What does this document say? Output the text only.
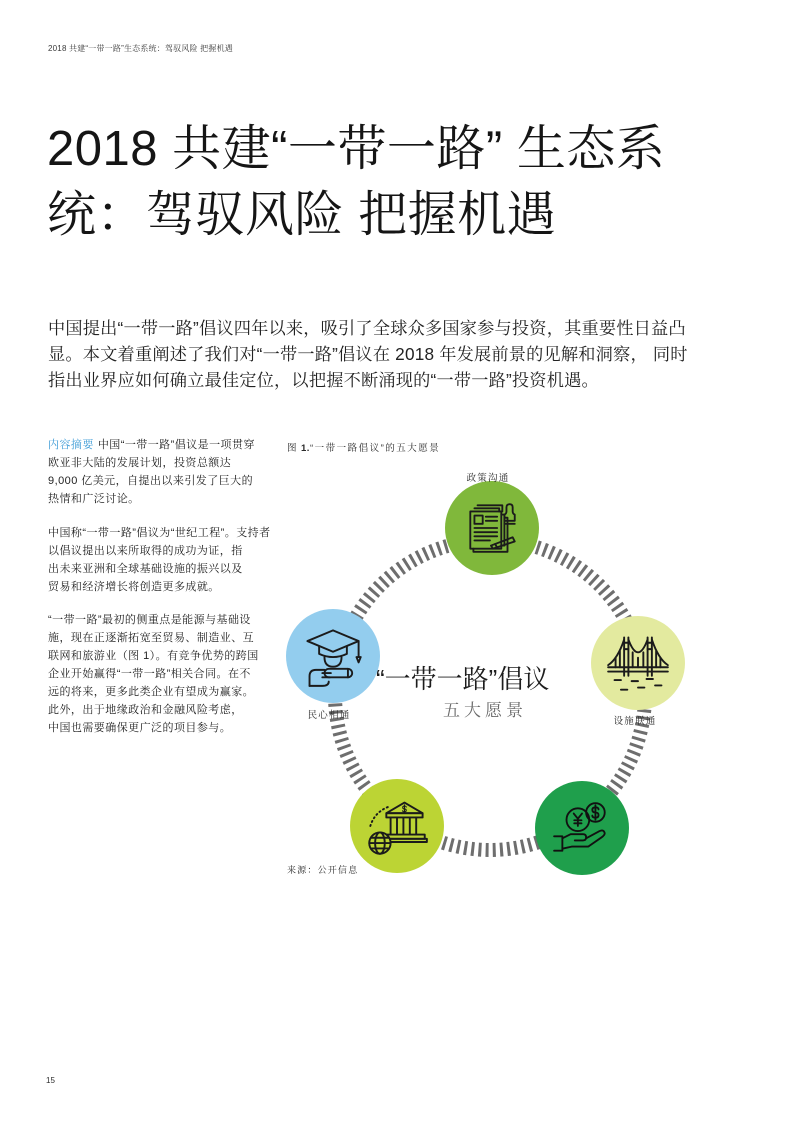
2018 共建“一带一路”生态系统：驾驭风险 把握机遇
2018 共建“一带一路” 生态系
统：驾驭风险 把握机遇
中国提出“一带一路”倡议四年以来，吸引了全球众多国家参与投资，其重要性日益凸
显。本文着重阐述了我们对“一带一路”倡议在 2018 年发展前景的见解和洞察， 同时
指出业界应如何确立最佳定位，以把握不断涌现的“一带一路”投资机遇。
内容摘要 中国“一带一路”倡议是一项贯穿
欧亚非大陆的发展计划，投资总额达
9,000 亿美元，自提出以来引发了巨大的
热情和广泛讨论。
中国称“一带一路”倡议为“世纪工程”。支持者
以倡议提出以来所取得的成功为证，指
出未来亚洲和全球基础设施的振兴以及
贸易和经济增长将创造更多成就。
“一带一路”最初的侧重点是能源与基础设
施，现在正逐渐拓宽至贸易、制造业、互
联网和旅游业（图 1）。有竞争优势的跨国
企业开始赢得“一带一路”相关合同。在不
远的将来，更多此类企业有望成为赢家。
此外，出于地缘政治和金融风险考虑，
中国也需要确保更广泛的项目参与。
图 1.“一带一路倡议”的五大愿景
政策沟通
设施联通
民心相通
“一带一路”倡议
五大愿景
来源：公开信息
15
